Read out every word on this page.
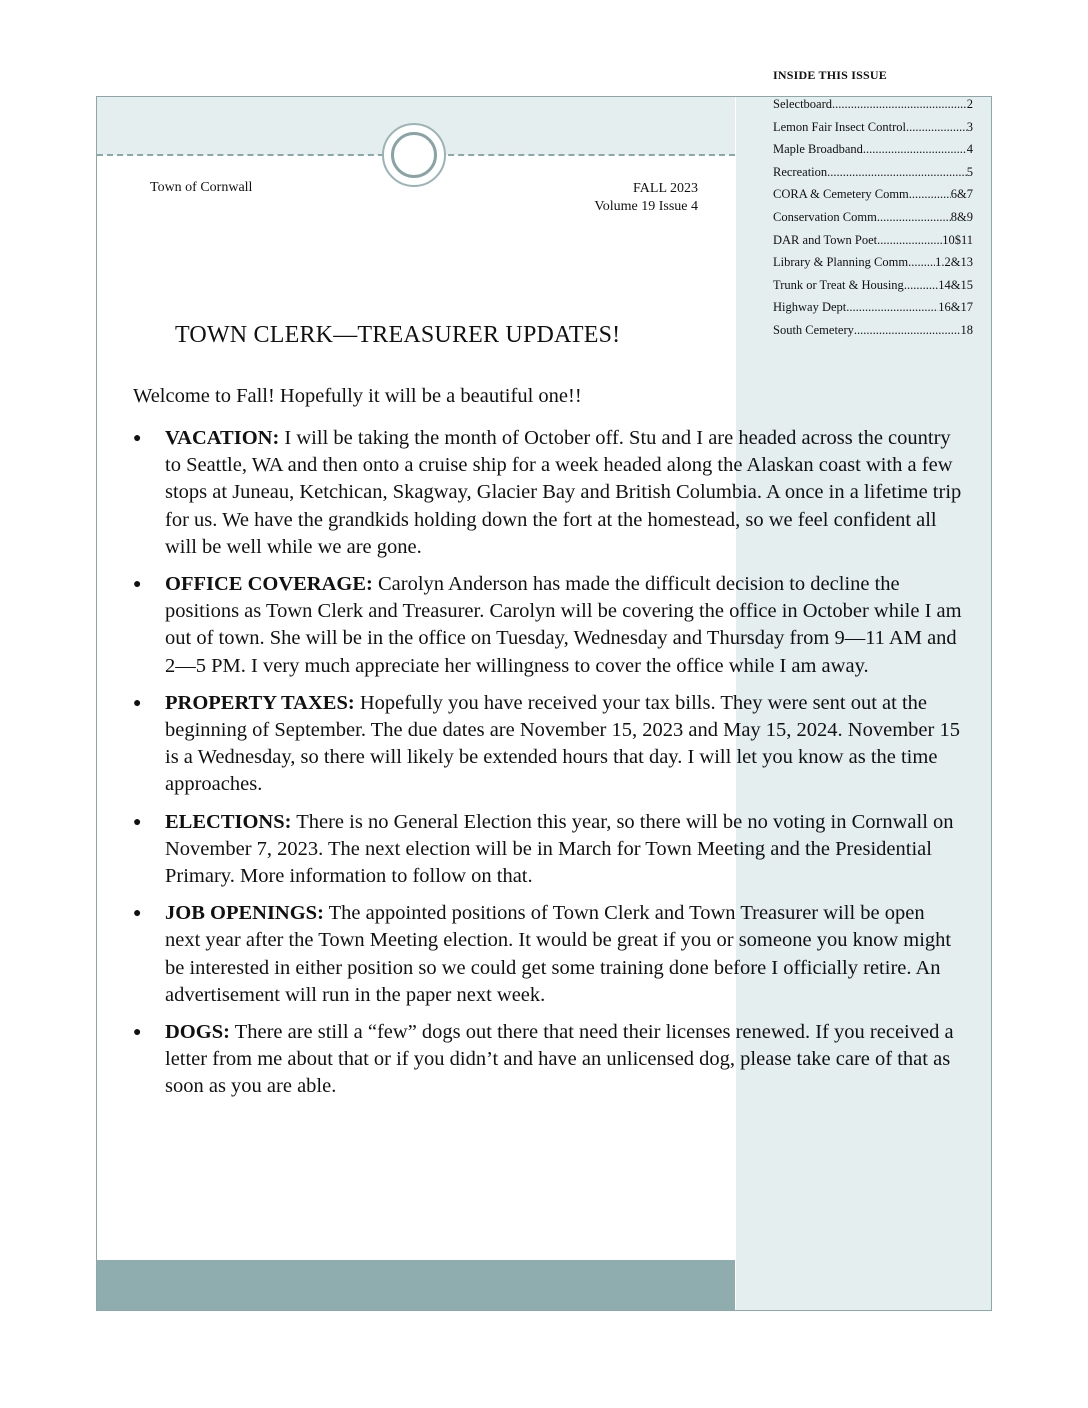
INSIDE THIS ISSUE
Selectboard .....	2
Lemon Fair Insect Control .....	3
Maple Broadband .....	4
Recreation .....	5
CORA & Cemetery Comm .....	6&7
Conservation Comm .....	8&9
DAR and Town Poet .....	10$11
Library & Planning Comm ..... 1.2&13
Trunk or Treat & Housing .....	14&15
Highway Dept .....	16&17
South Cemetery .....	18
Town of Cornwall	FALL 2023
Volume 19 Issue 4
TOWN CLERK—TREASURER UPDATES!
Welcome to Fall! Hopefully it will be a beautiful one!!
● VACATION: I will be taking the month of October off. Stu and I are headed across the country to Seattle, WA and then onto a cruise ship for a week headed along the Alaskan coast with a few stops at Juneau, Ketchican, Skagway, Glacier Bay and British Columbia. A once in a lifetime trip for us. We have the grandkids holding down the fort at the homestead, so we feel confident all will be well while we are gone.
● OFFICE COVERAGE: Carolyn Anderson has made the difficult decision to decline the positions as Town Clerk and Treasurer. Carolyn will be covering the office in October while I am out of town. She will be in the office on Tuesday, Wednesday and Thursday from 9—11 AM and 2—5 PM. I very much appreciate her willingness to cover the office while I am away.
● PROPERTY TAXES: Hopefully you have received your tax bills. They were sent out at the beginning of September. The due dates are November 15, 2023 and May 15, 2024. November 15 is a Wednesday, so there will likely be extended hours that day. I will let you know as the time approaches.
● ELECTIONS: There is no General Election this year, so there will be no voting in Cornwall on November 7, 2023. The next election will be in March for Town Meeting and the Presidential Primary. More information to follow on that.
● JOB OPENINGS: The appointed positions of Town Clerk and Town Treasurer will be open next year after the Town Meeting election. It would be great if you or someone you know might be interested in either position so we could get some training done before I officially retire. An advertisement will run in the paper next week.
● DOGS: There are still a “few” dogs out there that need their licenses renewed. If you received a letter from me about that or if you didn’t and have an unlicensed dog, please take care of that as soon as you are able.
